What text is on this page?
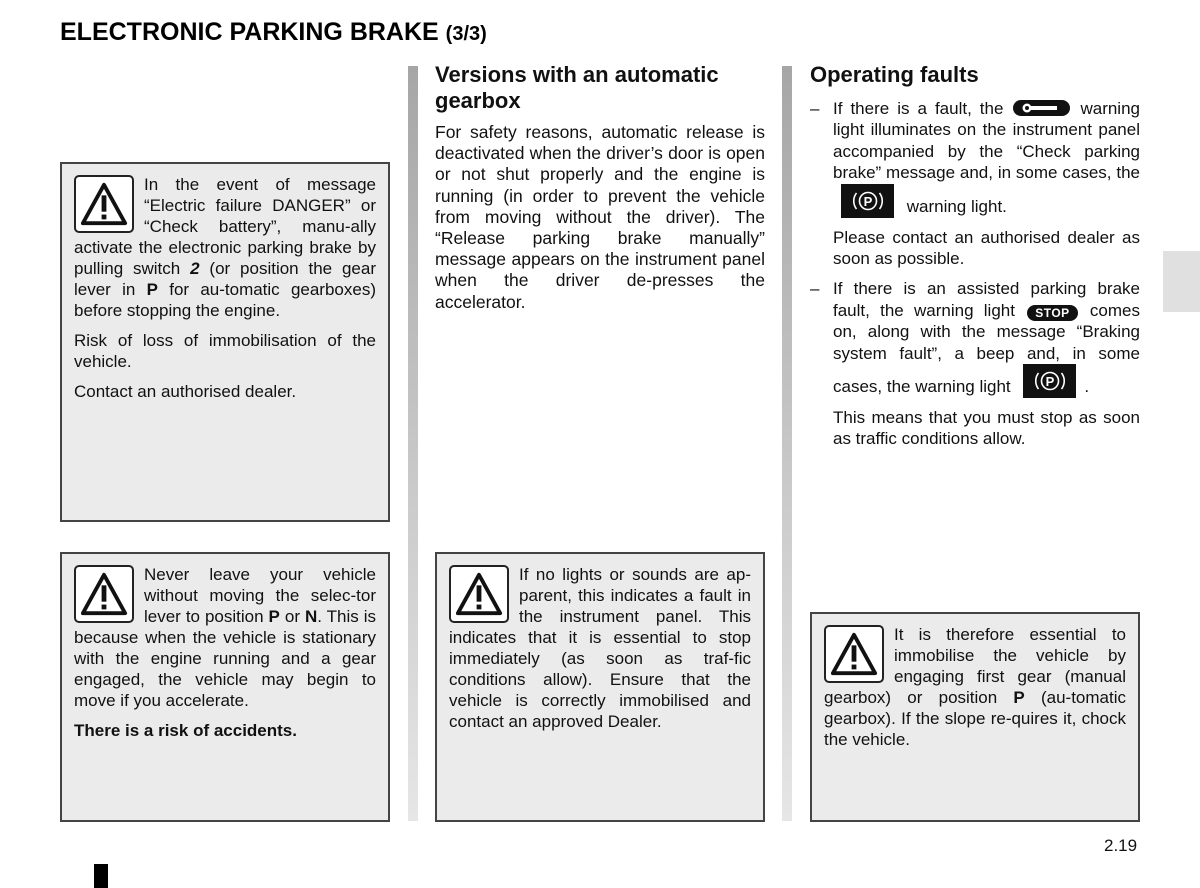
ELECTRONIC PARKING BRAKE (3/3)

In the event of message “Electric failure DANGER” or “Check battery”, manu-ally activate the electronic parking brake by pulling switch 2 (or position the gear lever in P for au-tomatic gearboxes) before stopping the engine.

Risk of loss of immobilisation of the vehicle.

Contact an authorised dealer.

Never leave your vehicle without moving the selec-tor lever to position P or N. This is because when the vehicle is stationary with the engine running and a gear engaged, the vehicle may begin to move if you accelerate.

There is a risk of accidents.

Versions with an automatic gearbox

For safety reasons, automatic release is deactivated when the driver’s door is open or not shut properly and the engine is running (in order to prevent the vehicle from moving without the driver). The “Release parking brake manually” message appears on the instrument panel when the driver de-presses the accelerator.

If no lights or sounds are ap-parent, this indicates a fault in the instrument panel. This indicates that it is essential to stop immediately (as soon as traf-fic conditions allow). Ensure that the vehicle is correctly immobilised and contact an approved Dealer.

Operating faults
– If there is a fault, the	warning light illuminates on the instrument panel accompanied by the “Check parking brake” message and, in some cases, the
P warning light.

Please contact an authorised dealer as soon as possible.

– If there is an assisted parking brake fault, the warning light STOP comes on, along with the message “Braking system fault”, a beep and, in some cases, the warning light P .

This means that you must stop as soon as traffic conditions allow.

It is therefore essential to immobilise the vehicle by engaging first gear (manual gearbox) or position P (au-tomatic gearbox). If the slope re-quires it, chock the vehicle.

2.19
